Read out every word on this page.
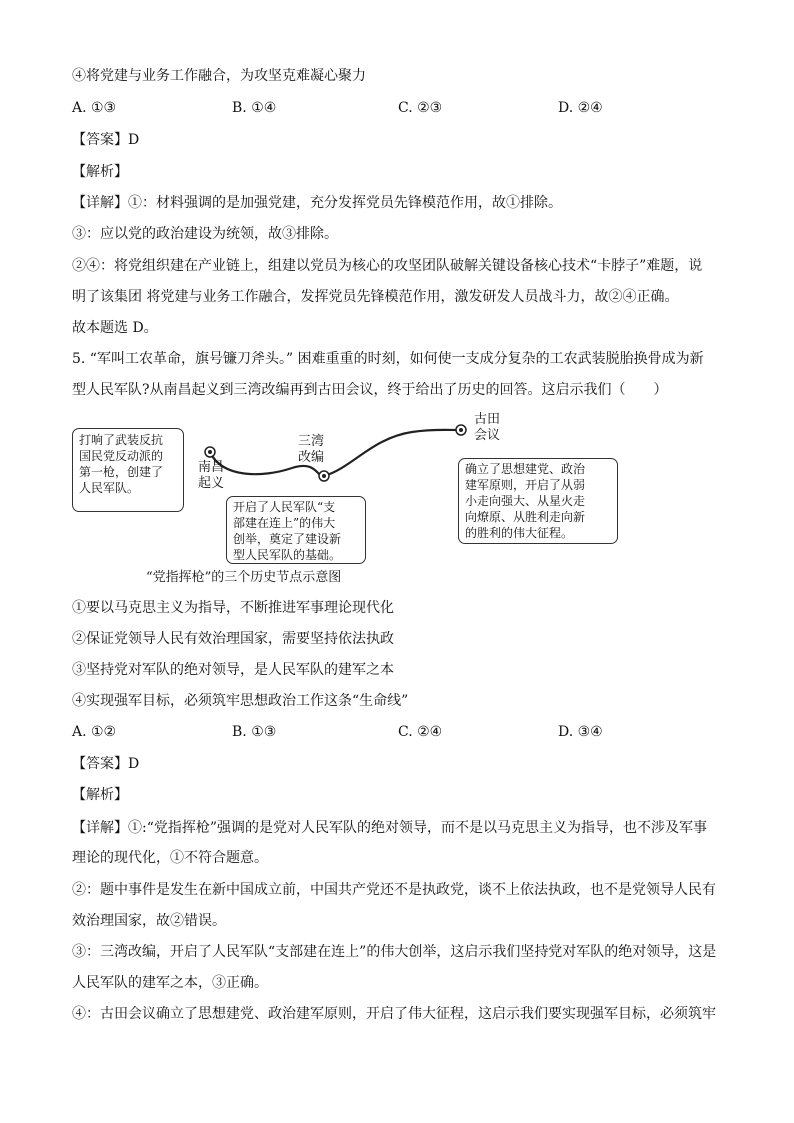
④将党建与业务工作融合，为攻坚克难凝心聚力
A. ①③	B. ①④	C. ②③	D. ②④
【答案】D
【解析】
【详解】①：材料强调的是加强党建，充分发挥党员先锋模范作用，故①排除。
③：应以党的政治建设为统领，故③排除。
②④：将党组织建在产业链上，组建以党员为核心的攻坚团队破解关键设备核心技术“卡脖子”难题，说
明了该集团 将党建与业务工作融合，发挥党员先锋模范作用，激发研发人员战斗力，故②④正确。
故本题选 D。
5. “军叫工农革命，旗号镰刀斧头。” 困难重重的时刻，如何使一支成分复杂的工农武装脱胎换骨成为新
型人民军队?从南昌起义到三湾改编再到古田会议，终于给出了历史的回答。这启示我们（　　）
南昌
起义
三湾
改编
古田
会议
打响了武装反抗
国民党反动派的
第一枪，创建了
人民军队。
开启了人民军队“支
部建在连上”的伟大
创举，奠定了建设新
型人民军队的基础。
确立了思想建党、政治
建军原则，开启了从弱
小走向强大、从星火走
向燎原、从胜利走向新
的胜利的伟大征程。
“党指挥枪”的三个历史节点示意图
①要以马克思主义为指导，不断推进军事理论现代化
②保证党领导人民有效治理国家，需要坚持依法执政
③坚持党对军队的绝对领导，是人民军队的建军之本
④实现强军目标，必须筑牢思想政治工作这条“生命线”
A. ①②	B. ①③	C. ②④	D. ③④
【答案】D
【解析】
【详解】①:“党指挥枪”强调的是党对人民军队的绝对领导，而不是以马克思主义为指导，也不涉及军事
理论的现代化，①不符合题意。
②：题中事件是发生在新中国成立前，中国共产党还不是执政党，谈不上依法执政，也不是党领导人民有
效治理国家，故②错误。
③：三湾改编，开启了人民军队“支部建在连上”的伟大创举，这启示我们坚持党对军队的绝对领导，这是
人民军队的建军之本，③正确。
④：古田会议确立了思想建党、政治建军原则，开启了伟大征程，这启示我们要实现强军目标，必须筑牢
